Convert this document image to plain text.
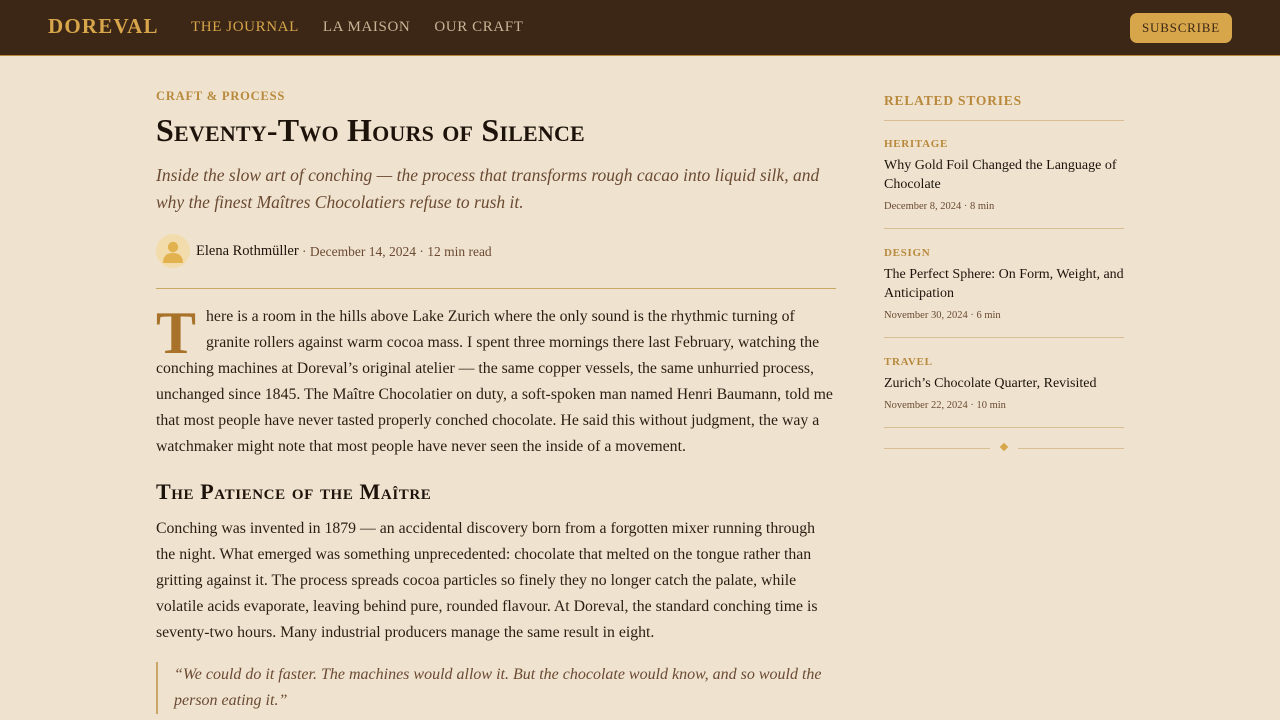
DOREVAL THE JOURNAL LA MAISON OUR CRAFT	SUBSCRIBE
CRAFT & PROCESS
Seventy-Two Hours of Silence

Inside the slow art of conching — the process that transforms rough cacao into liquid silk, and why the finest Maîtres Chocolatiers refuse to rush it.

Elena Rothmüller · December 14, 2024 · 12 min read

There is a room in the hills above Lake Zurich where the only sound is the rhythmic turning of granite rollers against warm cocoa mass. I spent three mornings there last February, watching the conching machines at Doreval’s original atelier — the same copper vessels, the same unhurried process, unchanged since 1845. The Maître Chocolatier on duty, a soft-spoken man named Henri Baumann, told me that most people have never tasted properly conched chocolate. He said this without judgment, the way a watchmaker might note that most people have never seen the inside of a movement.

The Patience of the Maître

Conching was invented in 1879 — an accidental discovery born from a forgotten mixer running through the night. What emerged was something unprecedented: chocolate that melted on the tongue rather than gritting against it. The process spreads cocoa particles so finely they no longer catch the palate, while volatile acids evaporate, leaving behind pure, rounded flavour. At Doreval, the standard conching time is seventy-two hours. Many industrial producers manage the same result in eight.

“We could do it faster. The machines would allow it. But the chocolate would know, and so would the person eating it.”
RELATED STORIES
HERITAGE
Why Gold Foil Changed the Language of Chocolate
December 8, 2024 · 8 min
DESIGN
The Perfect Sphere: On Form, Weight, and Anticipation
November 30, 2024 · 6 min
TRAVEL
Zurich’s Chocolate Quarter, Revisited
November 22, 2024 · 10 min
